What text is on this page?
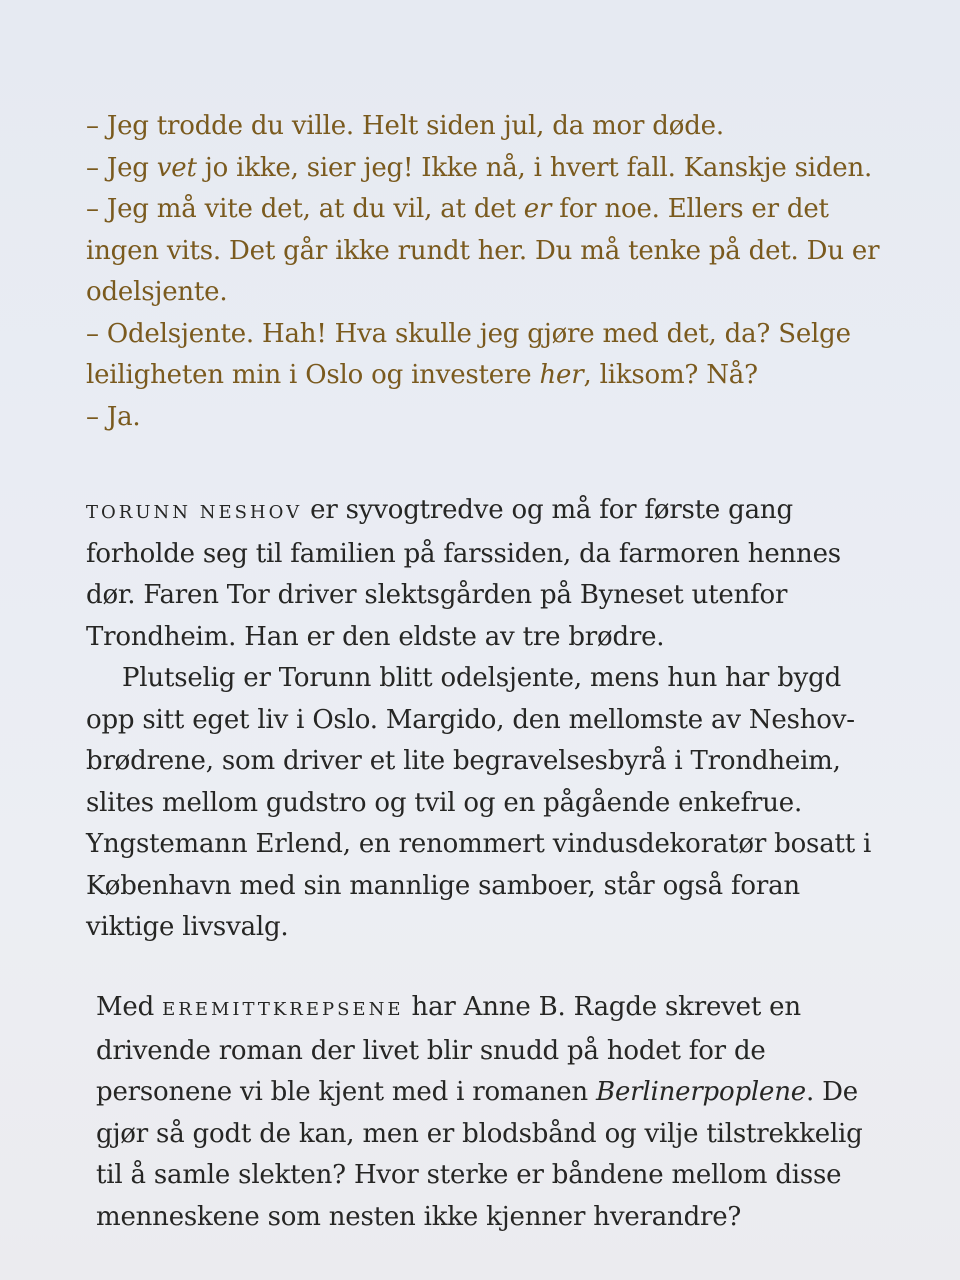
– Jeg trodde du ville. Helt siden jul, da mor døde.

– Jeg vet jo ikke, sier jeg! Ikke nå, i hvert fall. Kanskje siden.

– Jeg må vite det, at du vil, at det er for noe. Ellers er det ingen vits. Det går ikke rundt her. Du må tenke på det. Du er odelsjente.

– Odelsjente. Hah! Hva skulle jeg gjøre med det, da? Selge leiligheten min i Oslo og investere her, liksom? Nå?

– Ja.

TORUNN NESHOV er syvogtredve og må for første gang forholde seg til familien på farssiden, da farmoren hennes dør. Faren Tor driver slektsgården på Byneset utenfor Trondheim. Han er den eldste av tre brødre.

Plutselig er Torunn blitt odelsjente, mens hun har bygd opp sitt eget liv i Oslo. Margido, den mellomste av Neshovbrødrene, som driver et lite begravelsesbyrå i Trondheim, slites mellom gudstro og tvil og en pågående enkefrue. Yngstemann Erlend, en renommert vindusdekoratør bosatt i København med sin mannlige samboer, står også foran viktige livsvalg.

Med EREMITTKREPSENE har Anne B. Ragde skrevet en drivende roman der livet blir snudd på hodet for de personene vi ble kjent med i romanen Berlinerpoplene. De gjør så godt de kan, men er blodsbånd og vilje tilstrekkelig til å samle slekten? Hvor sterke er båndene mellom disse menneskene som nesten ikke kjenner hverandre?
